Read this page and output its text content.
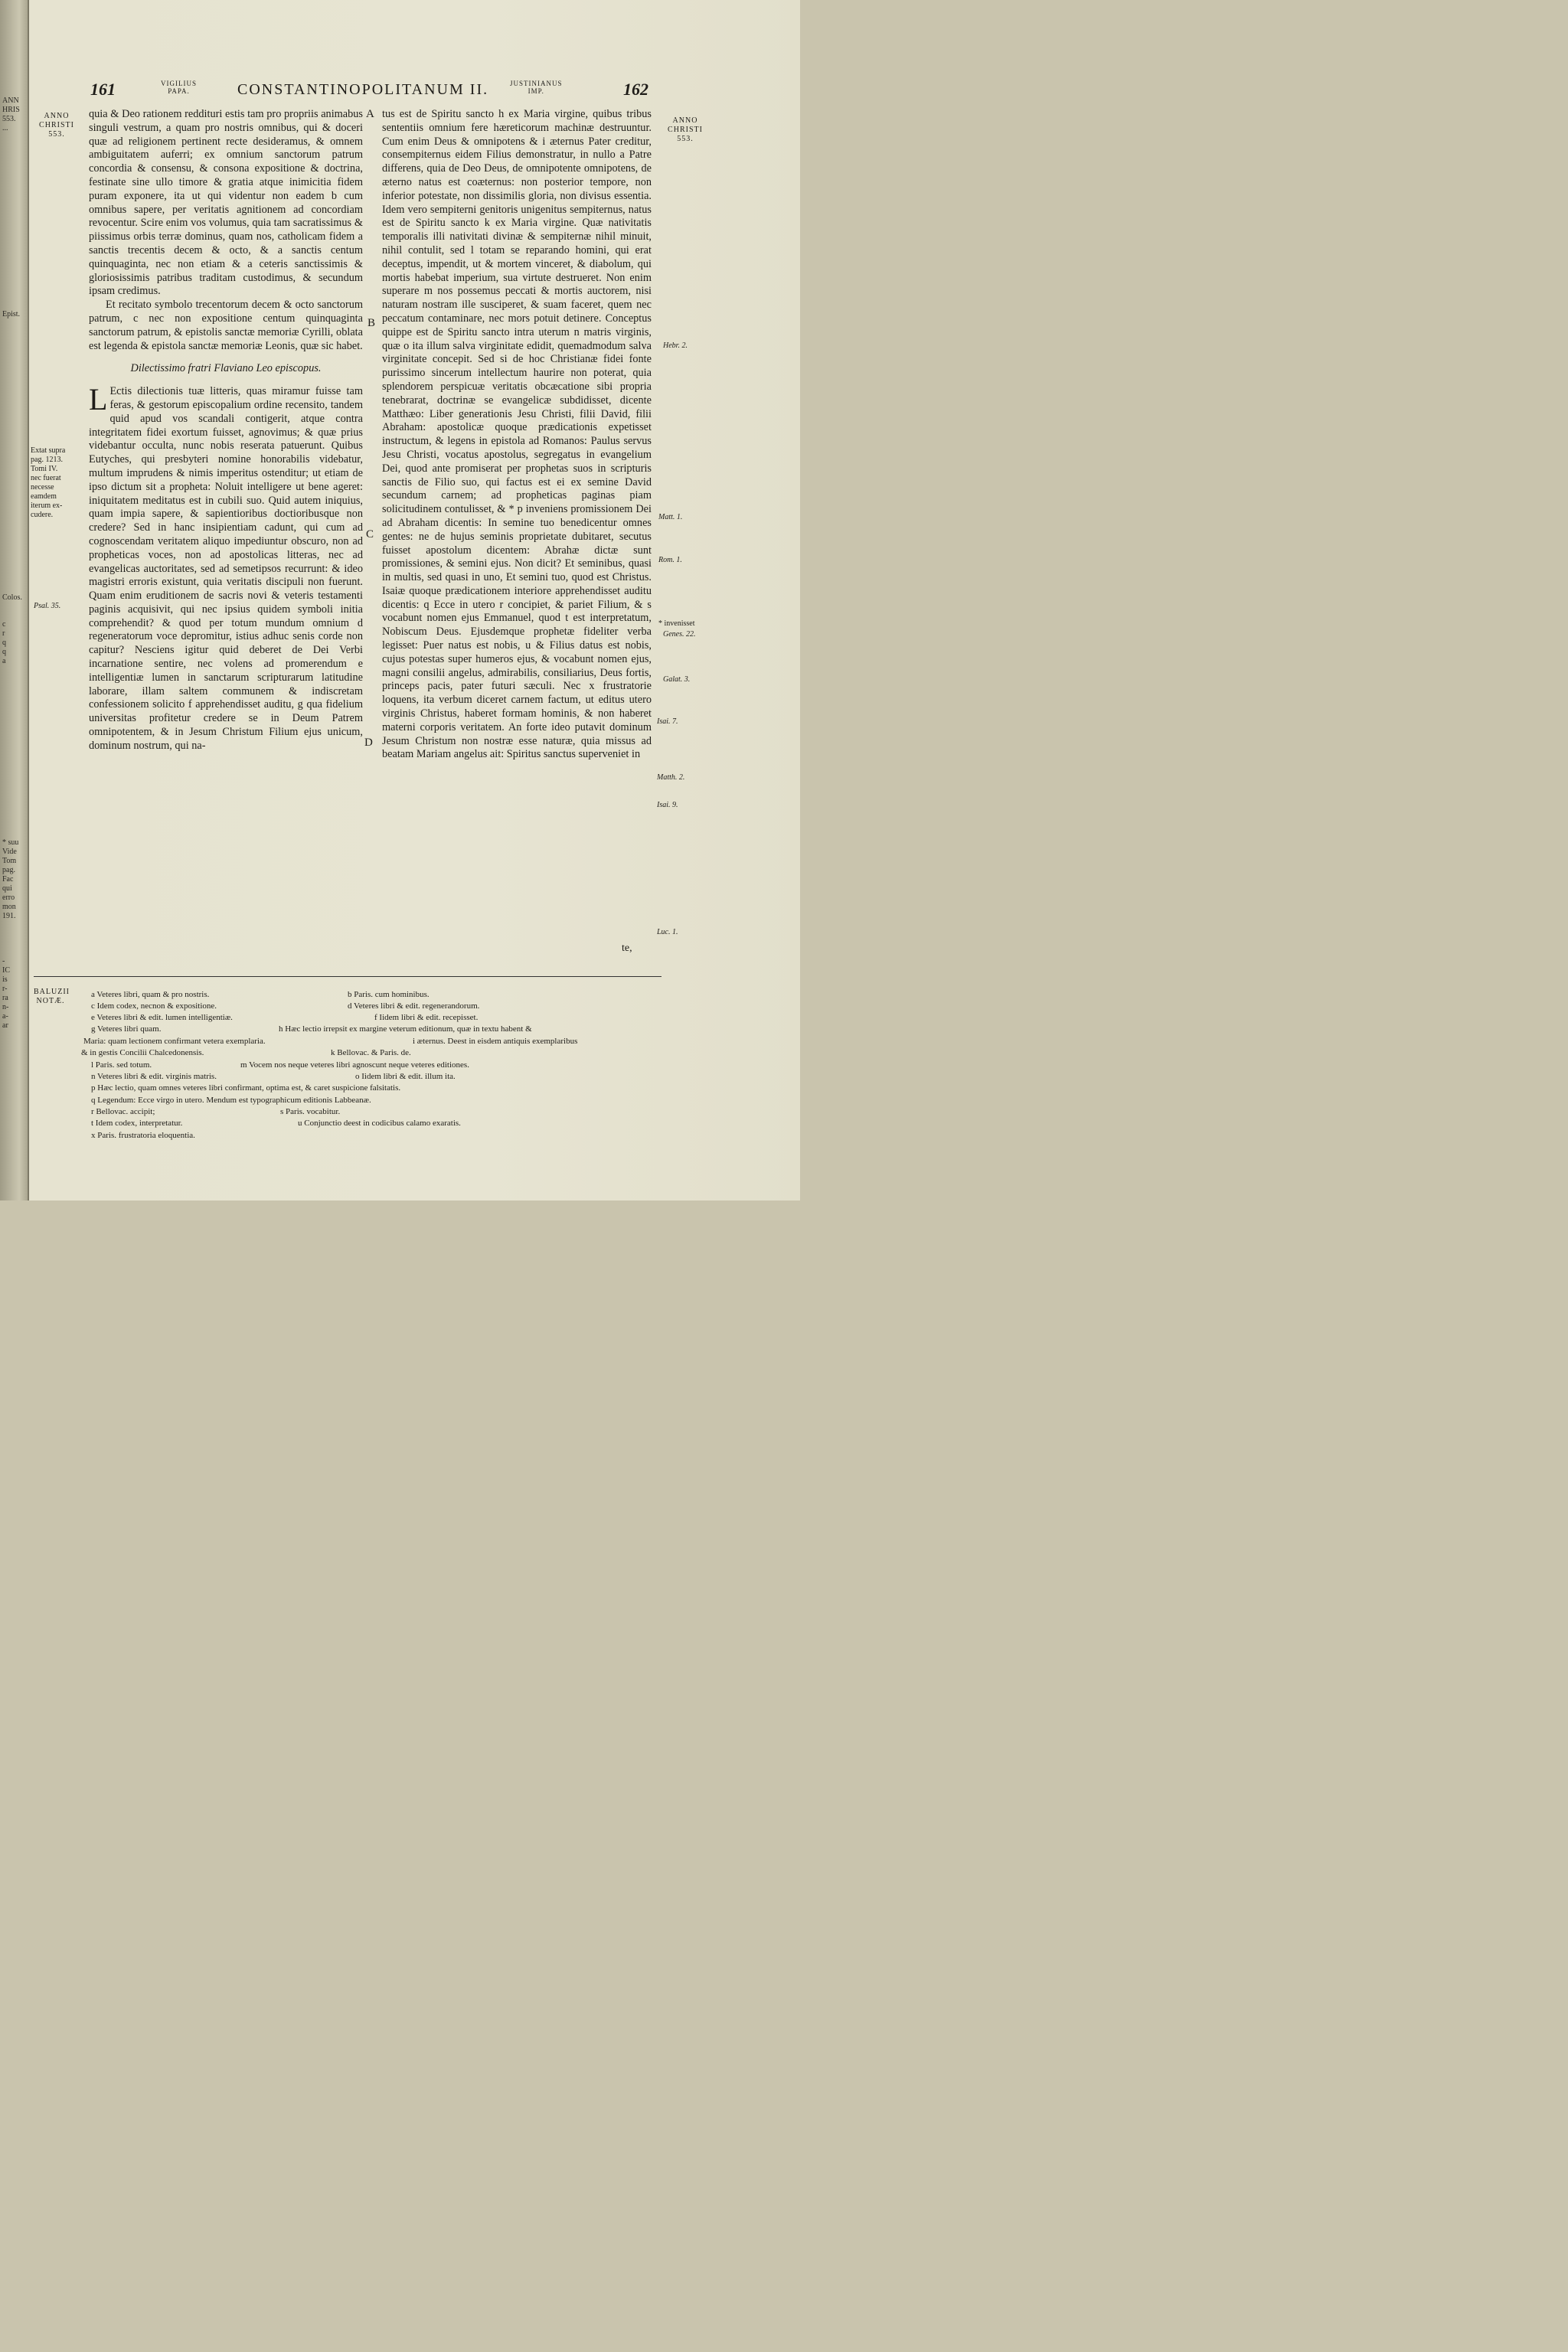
ANN
HRIS
553.
...
Epist.
Colos.
c
r
q
q
a
* suu
Vide
Tom
pag.
Fac
qui
erro
mon
191.
-
IC
is
r-
ra
n-
a-
ar
161	VIGILIUS
PAPA.	CONSTANTINOPOLITANUM II.	JUSTINIANUS
IMP.	162
ANNO
CHRISTI
553.
Extat supra
pag. 1213.
Tomi IV.
nec fuerat
necesse
eamdem
iterum ex-
cudere.
Psal. 35.
A
B
C
D

quia & Deo rationem reddituri estis tam pro propriis animabus singuli vestrum, a quam pro nostris omnibus, qui & doceri quæ ad religionem pertinent recte desideramus, & omnem ambiguitatem auferri; ex omnium sanctorum patrum concordia & consensu, & consona expositione & doctrina, festinate sine ullo timore & gratia atque inimicitia fidem puram exponere, ita ut qui videntur non eadem b cum omnibus sapere, per veritatis agnitionem ad concordiam revocentur. Scire enim vos volumus, quia tam sacratissimus & piissimus orbis terræ dominus, quam nos, catholicam fidem a sanctis trecentis decem & octo, & a sanctis centum quinquaginta, nec non etiam & a ceteris sanctissimis & gloriosissimis patribus traditam custodimus, & secundum ipsam credimus.

Et recitato symbolo trecentorum decem & octo sanctorum patrum, c nec non expositione centum quinquaginta sanctorum patrum, & epistolis sanctæ memoriæ Cyrilli, oblata est legenda & epistola sanctæ memoriæ Leonis, quæ sic habet.

Dilectissimo fratri Flaviano Leo episcopus.

L Ectis dilectionis tuæ litteris, quas miramur fuisse tam feras, & gestorum episcopalium ordine recensito, tandem quid apud vos scandali contigerit, atque contra integritatem fidei exortum fuisset, agnovimus; & quæ prius videbantur occulta, nunc nobis reserata patuerunt. Quibus Eutyches, qui presbyteri nomine honorabilis videbatur, multum imprudens & nimis imperitus ostenditur; ut etiam de ipso dictum sit a propheta: Noluit intelligere ut bene ageret: iniquitatem meditatus est in cubili suo. Quid autem iniquius, quam impia sapere, & sapientioribus doctioribusque non credere? Sed in hanc insipientiam cadunt, qui cum ad cognoscendam veritatem aliquo impediuntur obscuro, non ad propheticas voces, non ad apostolicas litteras, nec ad evangelicas auctoritates, sed ad semetipsos recurrunt: & ideo magistri erroris existunt, quia veritatis discipuli non fuerunt. Quam enim eruditionem de sacris novi & veteris testamenti paginis acquisivit, qui nec ipsius quidem symboli initia comprehendit? & quod per totum mundum omnium d regeneratorum voce depromitur, istius adhuc senis corde non capitur? Nesciens igitur quid deberet de Dei Verbi incarnatione sentire, nec volens ad promerendum e intelligentiæ lumen in sanctarum scripturarum latitudine laborare, illam saltem communem & indiscretam confessionem solicito f apprehendisset auditu, g qua fidelium universitas profitetur credere se in Deum Patrem omnipotentem, & in Jesum Christum Filium ejus unicum, dominum nostrum, qui na-

tus est de Spiritu sancto h ex Maria virgine, quibus tribus sententiis omnium fere hæreticorum machinæ destruuntur. Cum enim Deus & omnipotens & i æternus Pater creditur, consempiternus eidem Filius demonstratur, in nullo a Patre differens, quia de Deo Deus, de omnipotente omnipotens, de æterno natus est coæternus: non posterior tempore, non inferior potestate, non dissimilis gloria, non divisus essentia. Idem vero sempiterni genitoris unigenitus sempiternus, natus est de Spiritu sancto k ex Maria virgine. Quæ nativitatis temporalis illi nativitati divinæ & sempiternæ nihil minuit, nihil contulit, sed l totam se reparando homini, qui erat deceptus, impendit, ut & mortem vinceret, & diabolum, qui mortis habebat imperium, sua virtute destrueret. Non enim superare m nos possemus peccati & mortis auctorem, nisi naturam nostram ille susciperet, & suam faceret, quem nec peccatum contaminare, nec mors potuit detinere. Conceptus quippe est de Spiritu sancto intra uterum n matris virginis, quæ o ita illum salva virginitate edidit, quemadmodum salva virginitate concepit. Sed si de hoc Christianæ fidei fonte purissimo sincerum intellectum haurire non poterat, quia splendorem perspicuæ veritatis obcæcatione sibi propria tenebrarat, doctrinæ se evangelicæ subdidisset, dicente Matthæo: Liber generationis Jesu Christi, filii David, filii Abraham: apostolicæ quoque prædicationis expetisset instructum, & legens in epistola ad Romanos: Paulus servus Jesu Christi, vocatus apostolus, segregatus in evangelium Dei, quod ante promiserat per prophetas suos in scripturis sanctis de Filio suo, qui factus est ei ex semine David secundum carnem; ad propheticas paginas piam solicitudinem contulisset, & * p inveniens promissionem Dei ad Abraham dicentis: In semine tuo benedicentur omnes gentes: ne de hujus seminis proprietate dubitaret, secutus fuisset apostolum dicentem: Abrahæ dictæ sunt promissiones, & semini ejus. Non dicit? Et seminibus, quasi in multis, sed quasi in uno, Et semini tuo, quod est Christus. Isaiæ quoque prædicationem interiore apprehendisset auditu dicentis: q Ecce in utero r concipiet, & pariet Filium, & s vocabunt nomen ejus Emmanuel, quod t est interpretatum, Nobiscum Deus. Ejusdemque prophetæ fideliter verba legisset: Puer natus est nobis, u & Filius datus est nobis, cujus potestas super humeros ejus, & vocabunt nomen ejus, magni consilii angelus, admirabilis, consiliarius, Deus fortis, princeps pacis, pater futuri sæculi. Nec x frustratorie loquens, ita verbum diceret carnem factum, ut editus utero virginis Christus, haberet formam hominis, & non haberet materni corporis veritatem. An forte ideo putavit dominum Jesum Christum non nostræ esse naturæ, quia missus ad beatam Mariam angelus ait: Spiritus sanctus superveniet in

te,
ANNO
CHRISTI
553.
Hebr. 2.
Matt. 1.
Rom. 1.
* invenisset
Genes. 22.
Galat. 3.
Isai. 7.
Matth. 2.
Isai. 9.
Luc. 1.
BALUZII
NOTÆ.
a Veteres libri, quam & pro nostris.	b Paris. cum hominibus.
c Idem codex, necnon & expositione.	d Veteres libri & edit. regenerandorum.
e Veteres libri & edit. lumen intelligentiæ.	f Iidem libri & edit. recepisset.
g Veteres libri quam.	h Hæc lectio irrepsit ex margine veterum editionum, quæ in textu habent &
Maria: quam lectionem confirmant vetera exemplaria.	i æternus. Deest in eisdem antiquis exemplaribus
& in gestis Concilii Chalcedonensis.	k Bellovac. & Paris. de.
l Paris. sed totum.	m Vocem nos neque veteres libri agnoscunt neque veteres editiones.
n Veteres libri & edit. virginis matris.	o Iidem libri & edit. illum ita.
p Hæc lectio, quam omnes veteres libri confirmant, optima est, & caret suspicione falsitatis.
q Legendum: Ecce virgo in utero. Mendum est typographicum editionis Labbeanæ.
r Bellovac. accipit;	s Paris. vocabitur.
t Idem codex, interpretatur.	u Conjunctio deest in codicibus calamo exaratis.
x Paris. frustratoria eloquentia.
